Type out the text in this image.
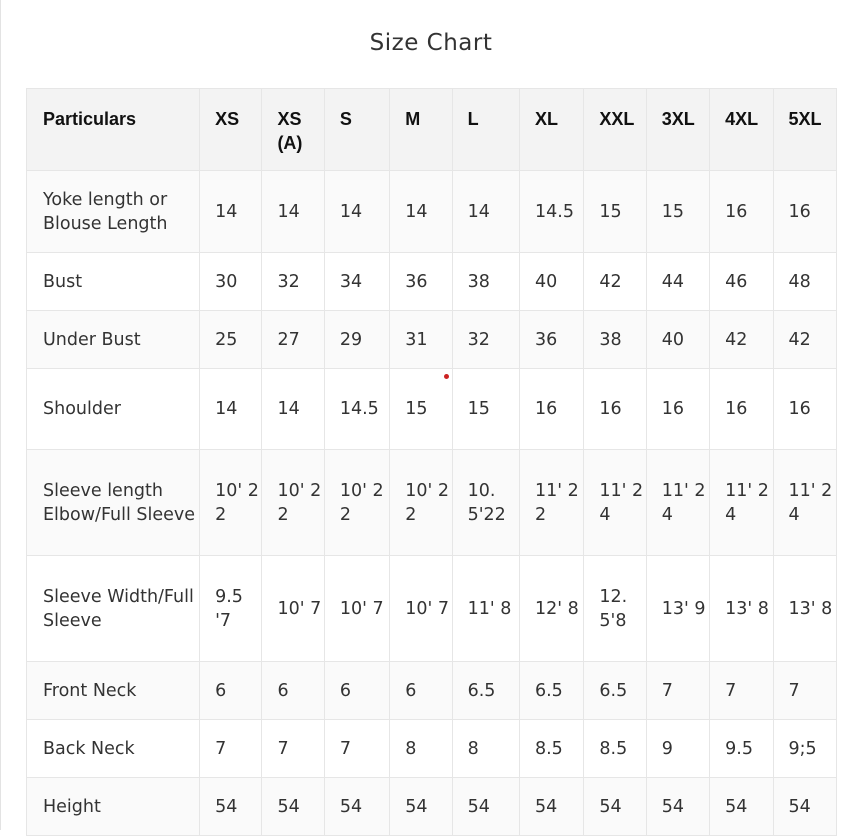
Size Chart
Particulars	XS	XS (A)	S	M	L	XL	XXL	3XL	4XL	5XL
Yoke length or Blouse Length	14	14	14	14	14	14.5	15	15	16	16
Bust	30	32	34	36	38	40	42	44	46	48
Under Bust	25	27	29	31	32	36	38	40	42	42
Shoulder	14	14	14.5	15	15	16	16	16	16	16
Sleeve length Elbow/Full Sleeve	10' 22	10' 22	10' 22	10' 22	10.5'22	11' 22	11' 24	11' 24	11' 24	11' 24
Sleeve Width/Full Sleeve	9.5 '7	10' 7	10' 7	10' 7	11' 8	12' 8	12.5'8	13' 9	13' 8	13' 8
Front Neck	6	6	6	6	6.5	6.5	6.5	7	7	7
Back Neck	7	7	7	8	8	8.5	8.5	9	9.5	9;5
Height	54	54	54	54	54	54	54	54	54	54
